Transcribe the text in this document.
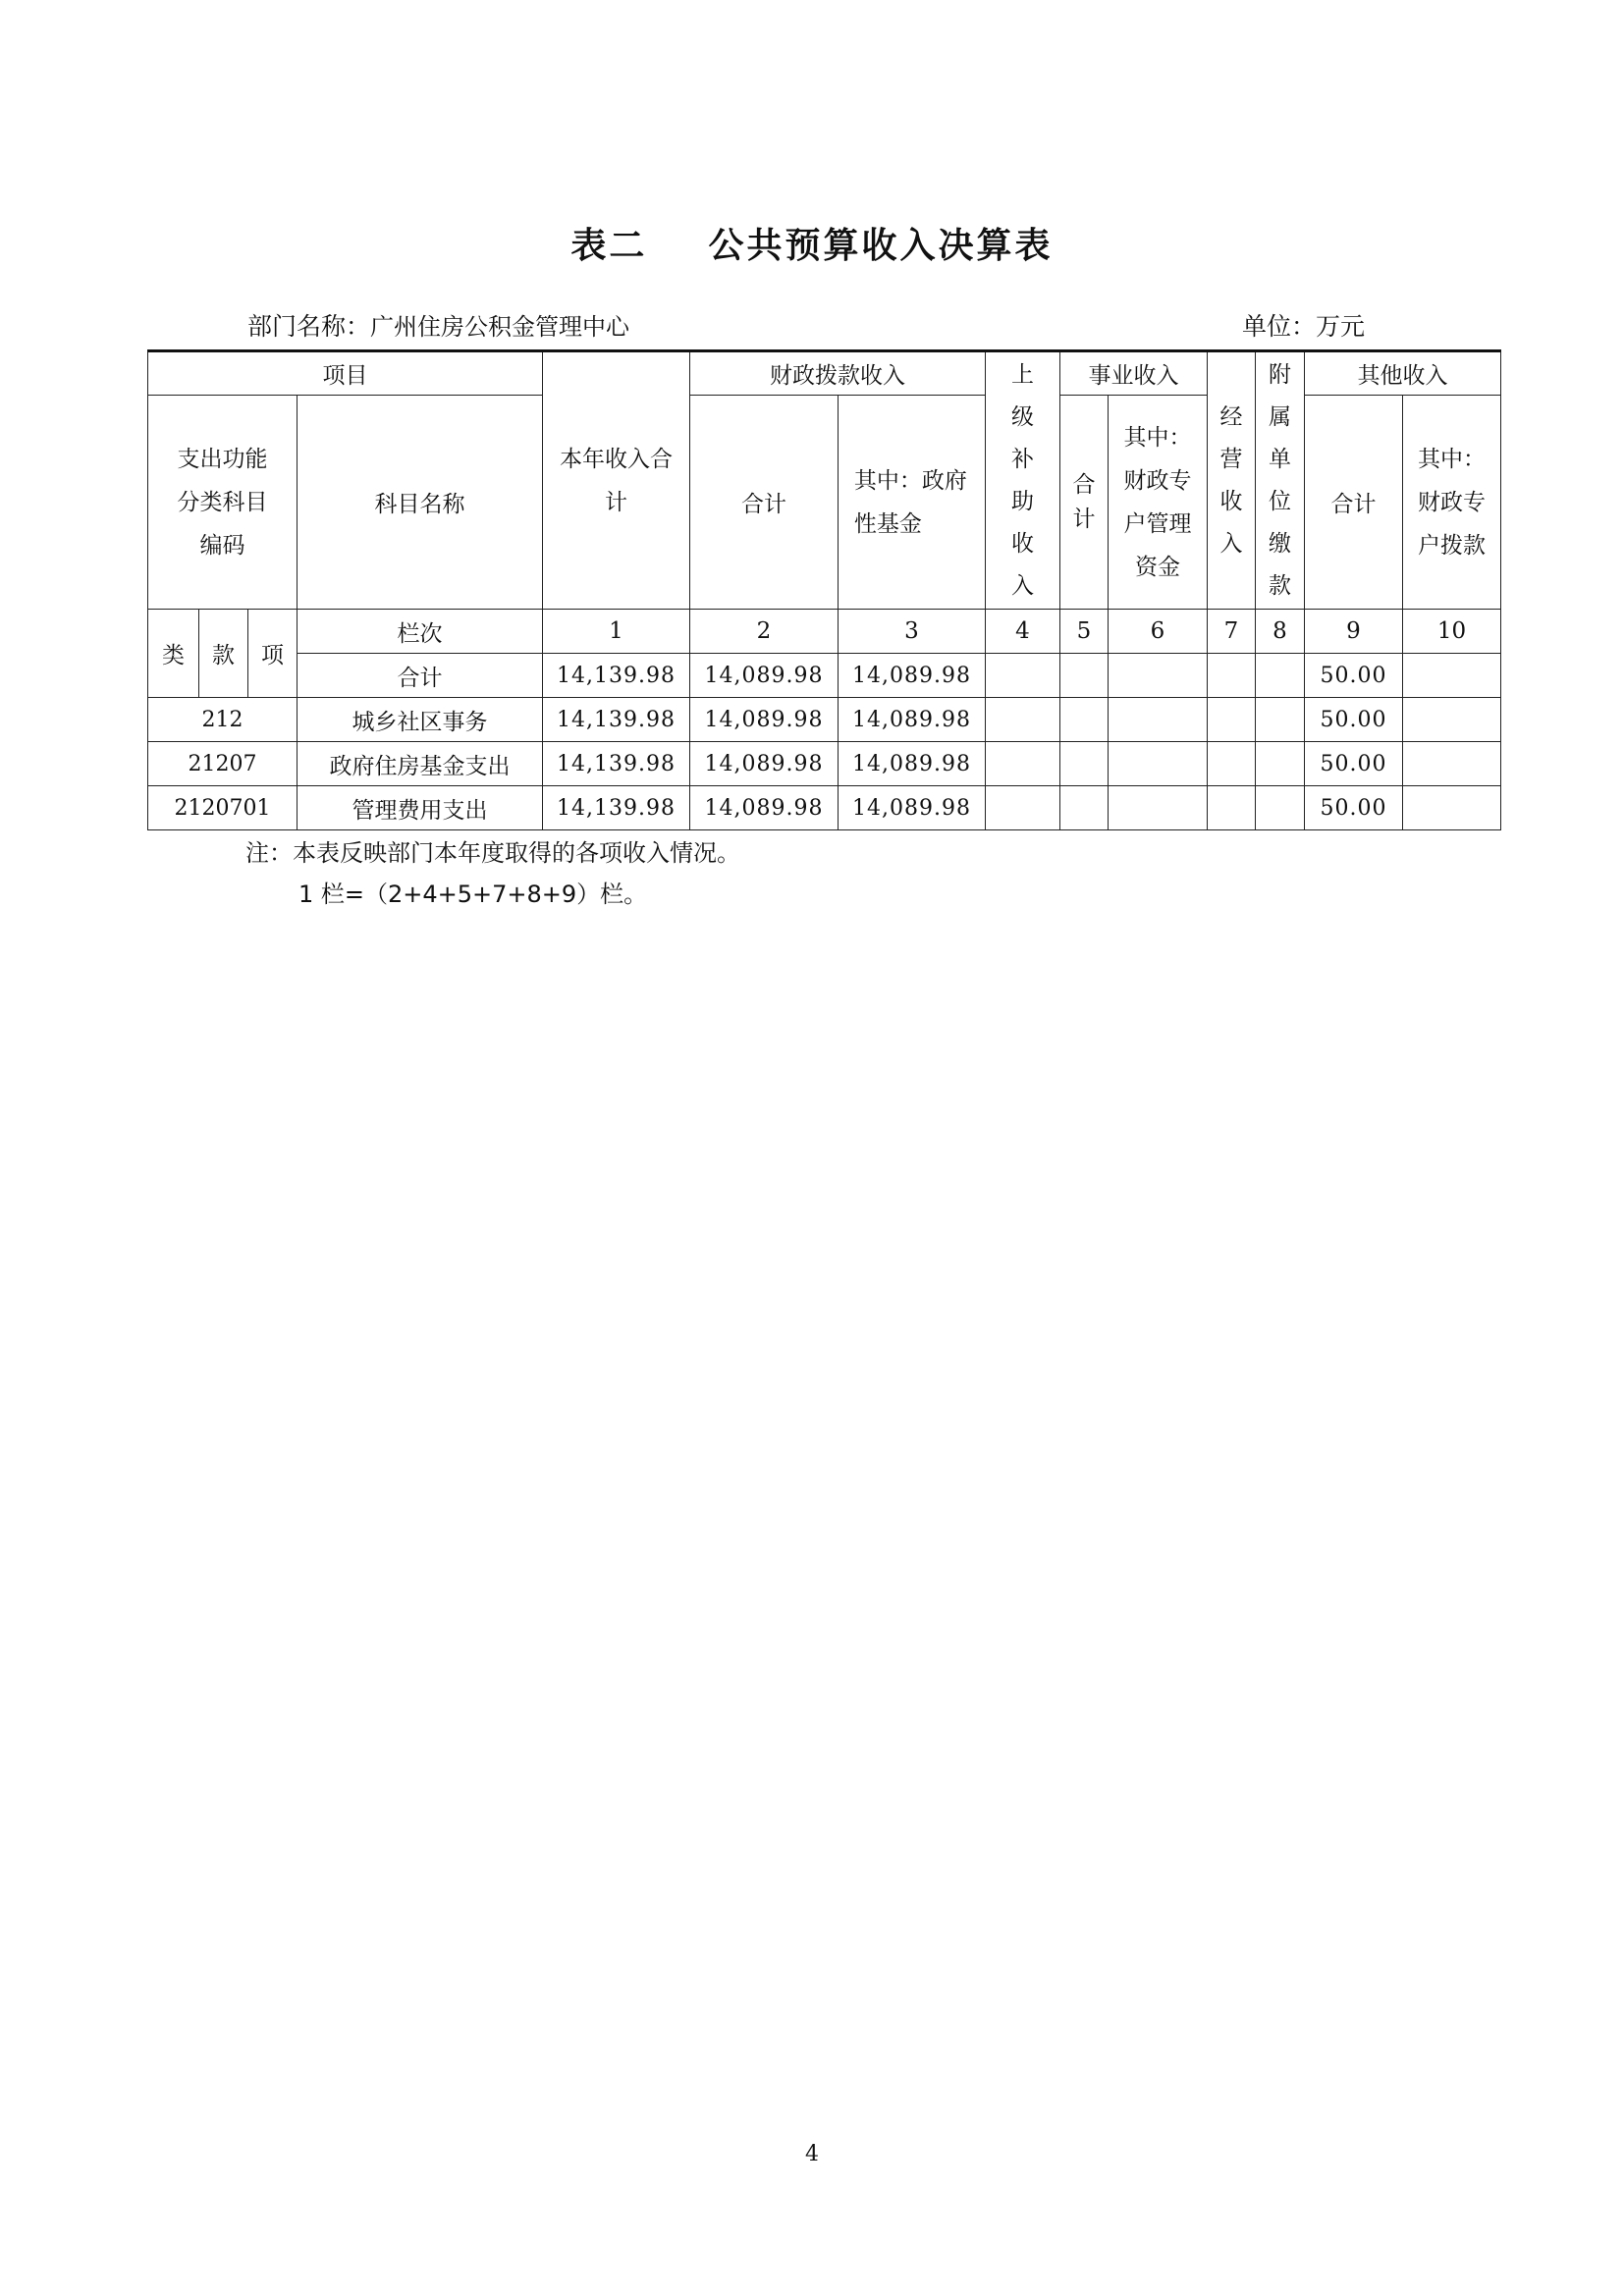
表二    公共预算收入决算表
部门名称：广州住房公积金管理中心	单位：万元
项目				本年收入合计	财政拨款收入		上级补助收入	事业收入		经营收入	附属单位缴款	其他收入	
支出功能分类科目编码			科目名称		合计	其中：政府性基金		合计	其中：财政专户管理资金			合计	其中：财政专户拨款
类	款	项	栏次	1	2	3	4	5	6	7	8	9	10
			合计	14,139.98	14,089.98	14,089.98						50.00	
212			城乡社区事务	14,139.98	14,089.98	14,089.98						50.00	
21207			政府住房基金支出	14,139.98	14,089.98	14,089.98						50.00	
2120701			管理费用支出	14,139.98	14,089.98	14,089.98						50.00	
注：本表反映部门本年度取得的各项收入情况。
1 栏=（2+4+5+7+8+9）栏。
4
